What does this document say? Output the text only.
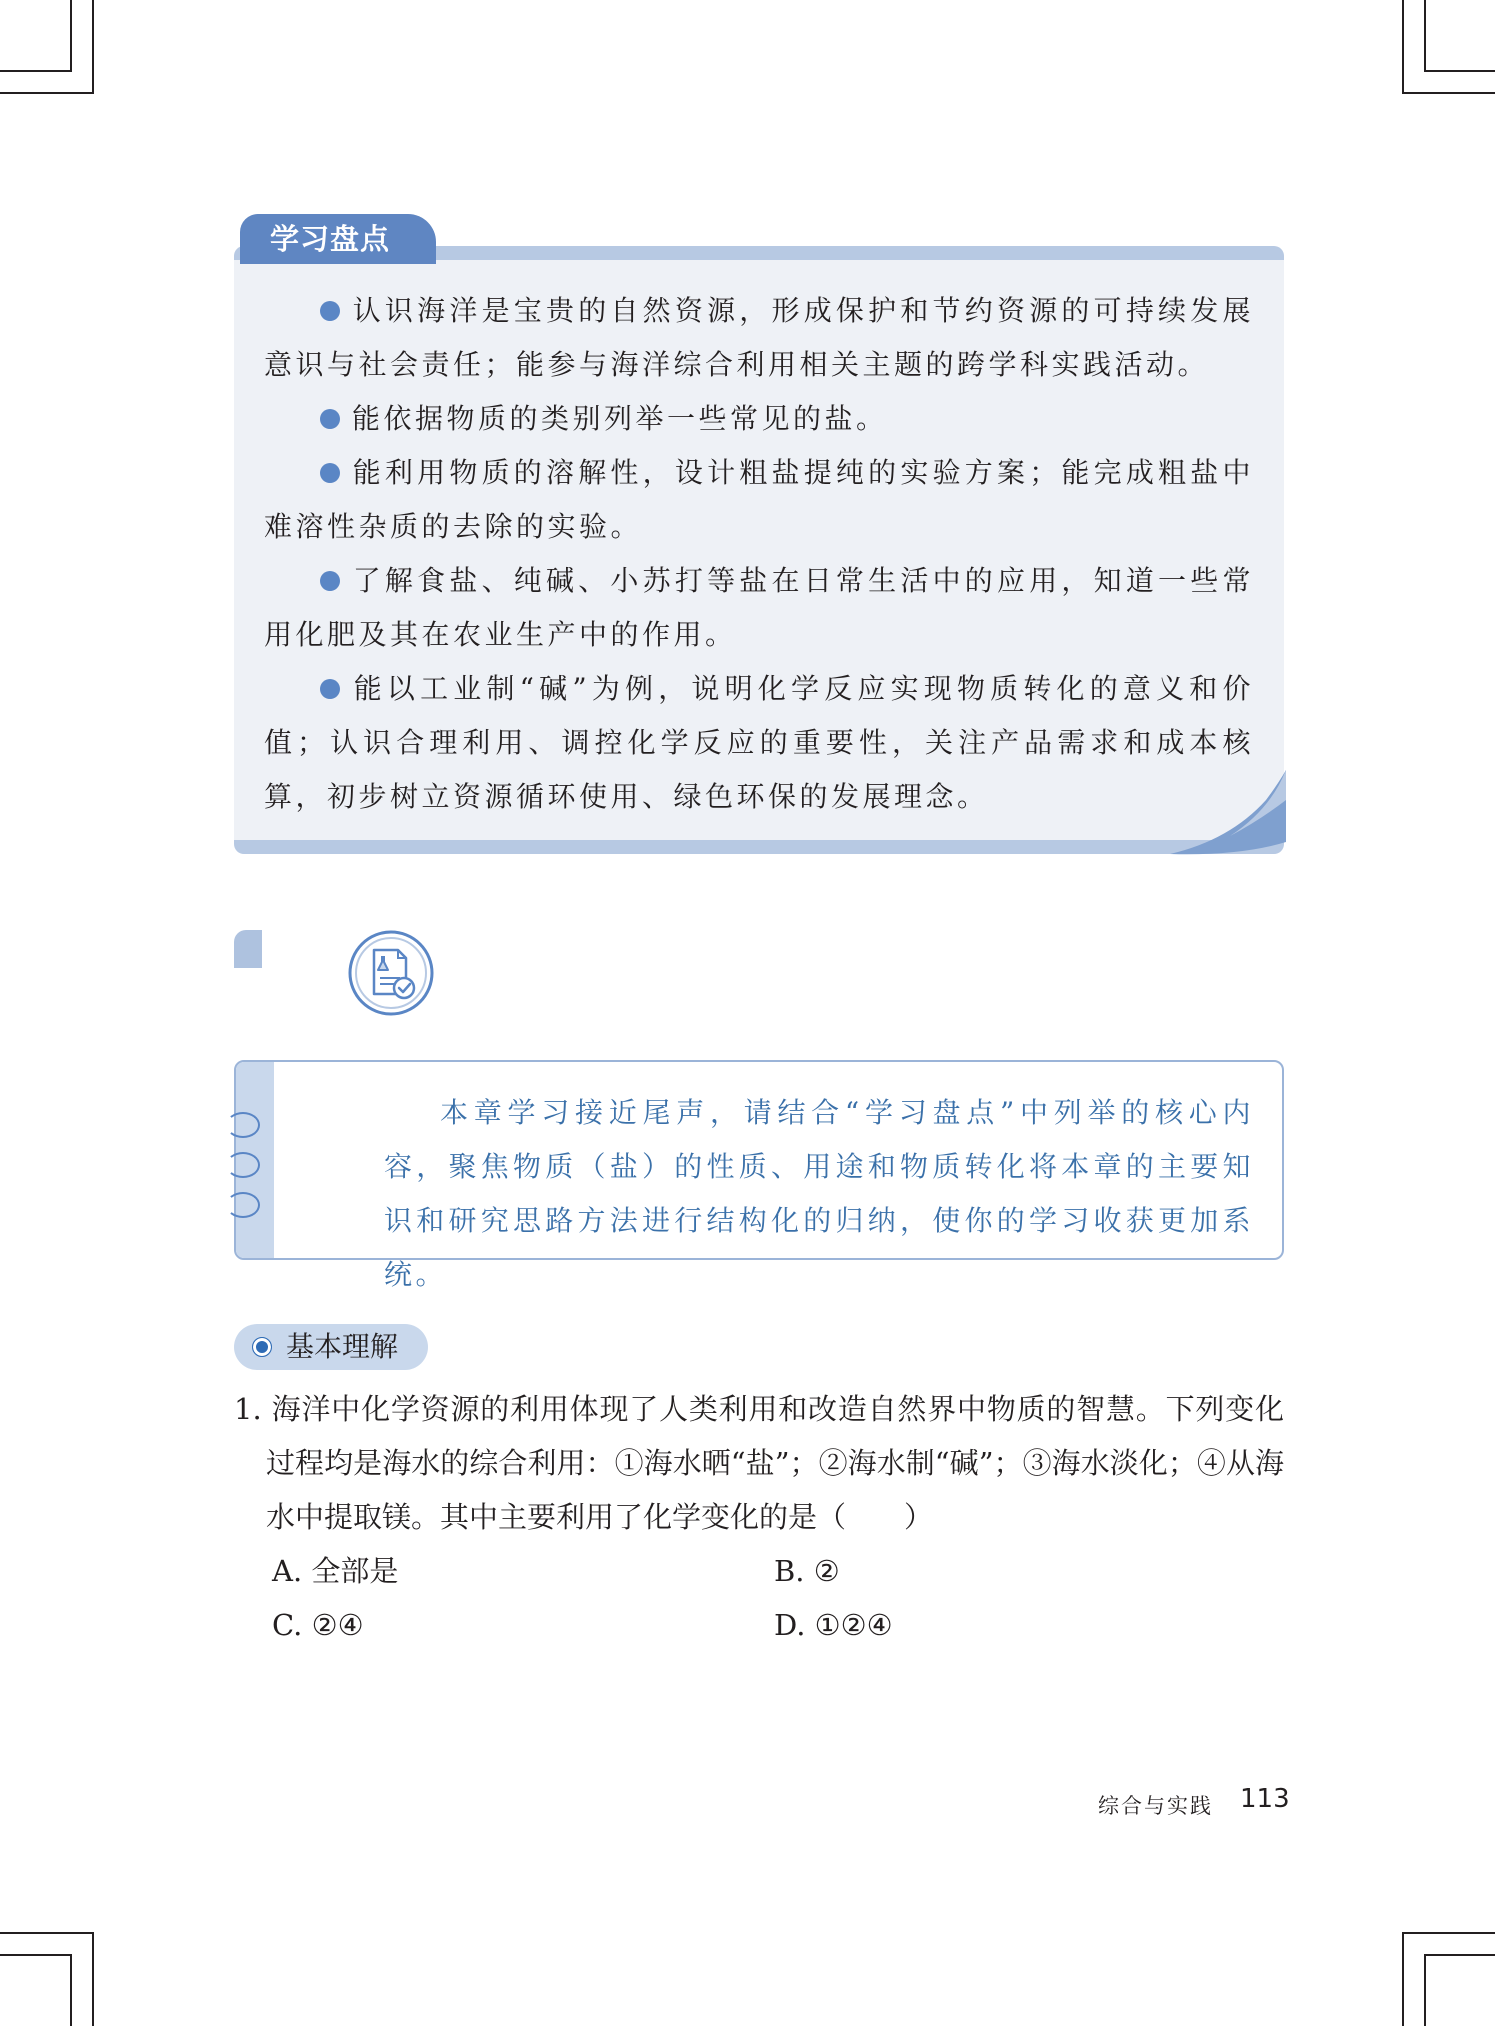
学习盘点

认识海洋是宝贵的自然资源，形成保护和节约资源的可持续发展意识与社会责任；能参与海洋综合利用相关主题的跨学科实践活动。

能依据物质的类别列举一些常见的盐。

能利用物质的溶解性，设计粗盐提纯的实验方案；能完成粗盐中难溶性杂质的去除的实验。

了解食盐、纯碱、小苏打等盐在日常生活中的应用，知道一些常用化肥及其在农业生产中的作用。

能以工业制“碱”为例，说明化学反应实现物质转化的意义和价值；认识合理利用、调控化学反应的重要性，关注产品需求和成本核算，初步树立资源循环使用、绿色环保的发展理念。

本章学习接近尾声，请结合“学习盘点”中列举的核心内容，聚焦物质（盐）的性质、用途和物质转化将本章的主要知识和研究思路方法进行结构化的归纳，使你的学习收获更加系统。

基本理解

1. 海洋中化学资源的利用体现了人类利用和改造自然界中物质的智慧。下列变化过程均是海水的综合利用：①海水晒“盐”；②海水制“碱”；③海水淡化；④从海水中提取镁。其中主要利用了化学变化的是（　　）

A. 全部是	B. ②
C. ②④	D. ①②④
综合与实践 113
